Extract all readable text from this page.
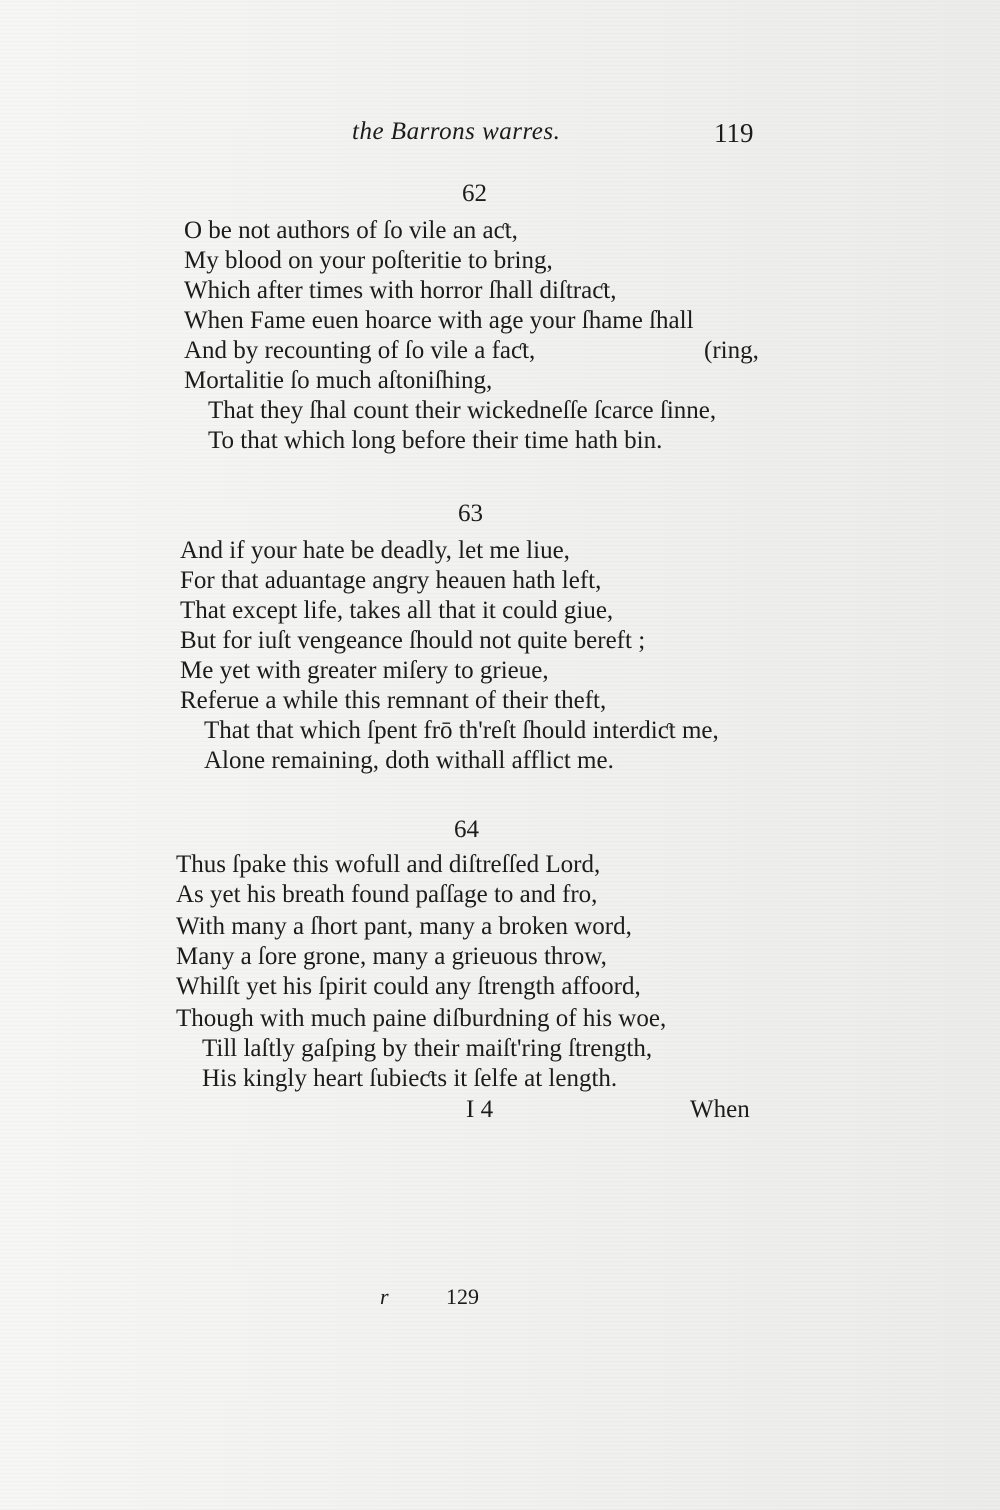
the Barrons warres.	119
62
O be not authors of ſo vile an aƈt,
My blood on your poſteritie to bring,
Which after times with horror ſhall diſtraƈt,
When Fame euen hoarce with age your ſhame ſhall
And by recounting of ſo vile a faƈt,	(ring,
Mortalitie ſo much aſtoniſhing,
That they ſhal count their wickedneſſe ſcarce ſinne,
To that which long before their time hath bin.
63
And if your hate be deadly, let me liue,
For that aduantage angry heauen hath left,
That except life, takes all that it could giue,
But for iuſt vengeance ſhould not quite bereft ;
Me yet with greater miſery to grieue,
Referue a while this remnant of their theft,
That that which ſpent frō th'reſt ſhould interdiƈt me,
Alone remaining, doth withall afflict me.
64
Thus ſpake this wofull and diſtreſſed Lord,
As yet his breath found paſſage to and fro,
With many a ſhort pant, many a broken word,
Many a ſore grone, many a grieuous throw,
Whilſt yet his ſpirit could any ſtrength affoord,
Though with much paine diſburdning of his woe,
Till laſtly gaſping by their maiſt'ring ſtrength,
His kingly heart ſubieƈts it ſelfe at length.
I 4	When
r	129
